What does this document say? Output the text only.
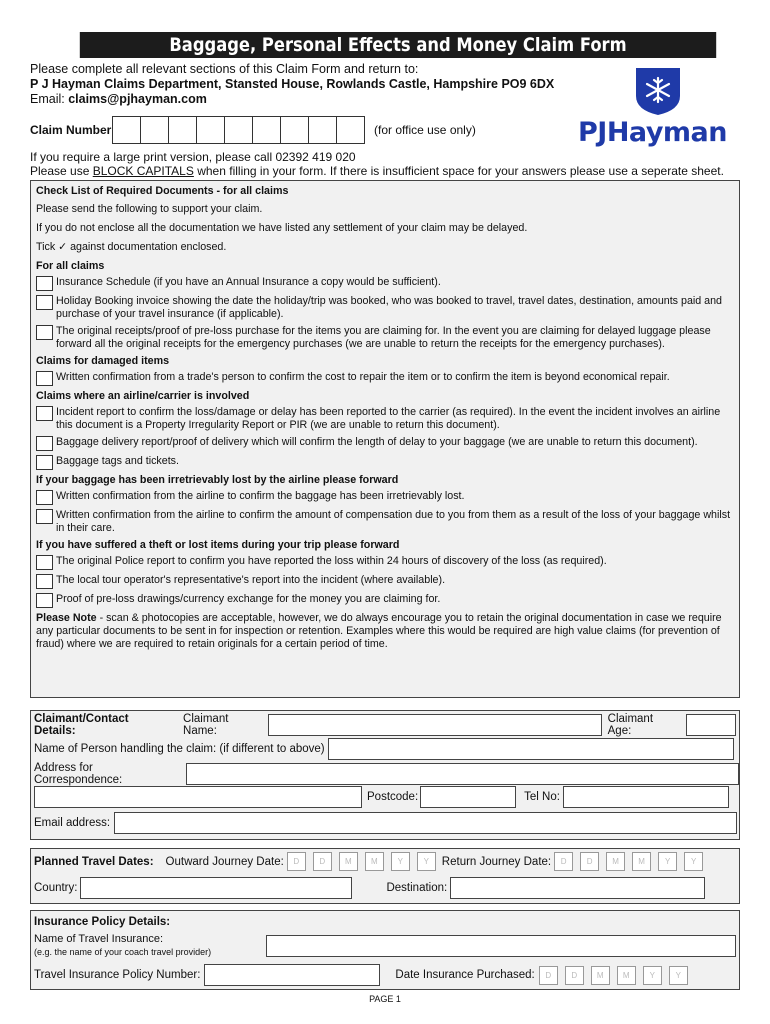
Baggage, Personal Effects and Money Claim Form
Please complete all relevant sections of this Claim Form and return to:
P J Hayman Claims Department, Stansted House, Rowlands Castle, Hampshire PO9 6DX
Email: claims@pjhayman.com
PJHayman
Claim Number	(for office use only)
If you require a large print version, please call 02392 419 020
Please use BLOCK CAPITALS when filling in your form. If there is insufficient space for your answers please use a seperate sheet.
Check List of Required Documents - for all claims

Please send the following to support your claim.

If you do not enclose all the documentation we have listed any settlement of your claim may be delayed.

Tick ✓ against documentation enclosed.

For all claims
Insurance Schedule (if you have an Annual Insurance a copy would be sufficient).
Holiday Booking invoice showing the date the holiday/trip was booked, who was booked to travel, travel dates, destination, amounts paid and purchase of your travel insurance (if applicable).
The original receipts/proof of pre-loss purchase for the items you are claiming for. In the event you are claiming for delayed luggage please forward all the original receipts for the emergency purchases (we are unable to return the receipts for the emergency purchases).
Claims for damaged items
Written confirmation from a trade's person to confirm the cost to repair the item or to confirm the item is beyond economical repair.
Claims where an airline/carrier is involved
Incident report to confirm the loss/damage or delay has been reported to the carrier (as required). In the event the incident involves an airline this document is a Property Irregularity Report or PIR (we are unable to return this document).
Baggage delivery report/proof of delivery which will confirm the length of delay to your baggage (we are unable to return this document).
Baggage tags and tickets.
If your baggage has been irretrievably lost by the airline please forward
Written confirmation from the airline to confirm the baggage has been irretrievably lost.
Written confirmation from the airline to confirm the amount of compensation due to you from them as a result of the loss of your baggage whilst in their care.
If you have suffered a theft or lost items during your trip please forward
The original Police report to confirm you have reported the loss within 24 hours of discovery of the loss (as required).
The local tour operator's representative's report into the incident (where available).
Proof of pre-loss drawings/currency exchange for the money you are claiming for.
Please Note - scan & photocopies are acceptable, however, we do always encourage you to retain the original documentation in case we require any particular documents to be sent in for inspection or retention. Examples where this would be required are high value claims (for prevention of fraud) where we are required to retain originals for a certain period of time.
Claimant/Contact Details:
Claimant Name:
Claimant Age:
Name of Person handling the claim: (if different to above)
Address for Correspondence:
Postcode:	Tel No:
Email address:
Planned Travel Dates: Outward Journey Date:	D	D	M	M	Y	Y	Return Journey Date:	D	D	M	M	Y	Y
Country:	Destination:
Insurance Policy Details:
Name of Travel Insurance:
(e.g. the name of your coach travel provider)
Travel Insurance Policy Number:	Date Insurance Purchased:	D	D	M	M	Y	Y
PAGE 1
